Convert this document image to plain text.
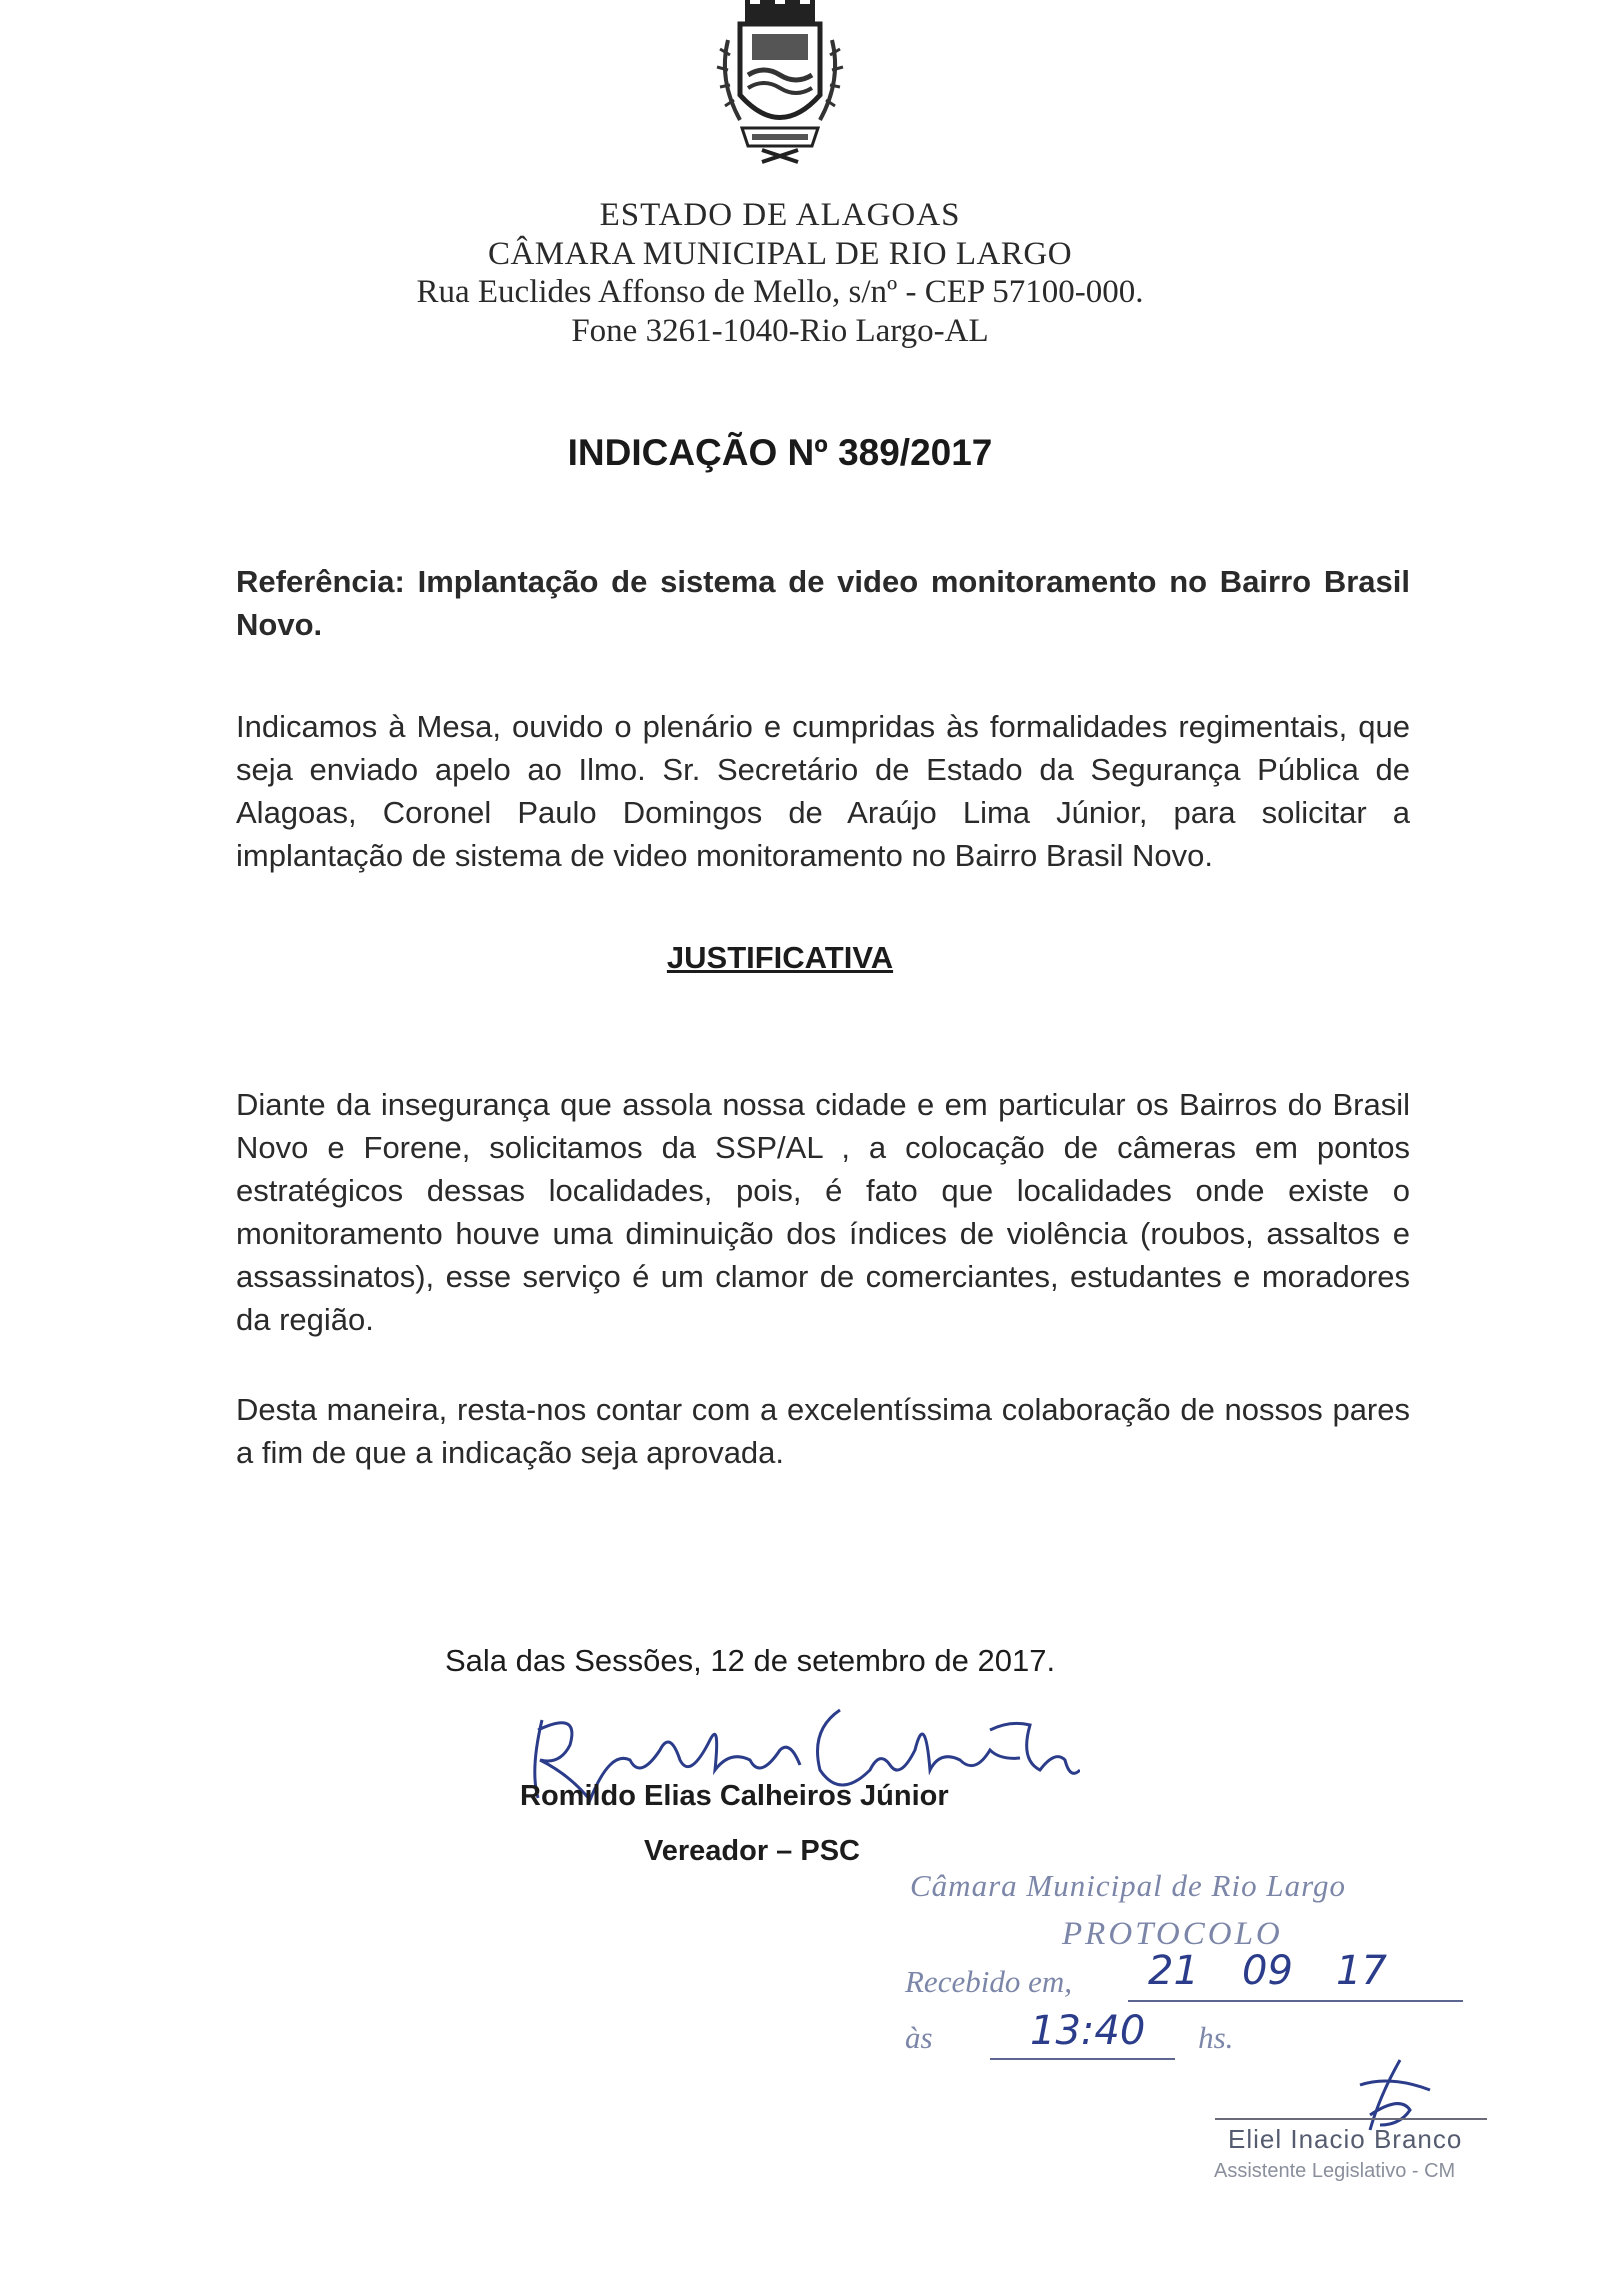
ESTADO DE ALAGOAS
CÂMARA MUNICIPAL DE RIO LARGO
Rua Euclides Affonso de Mello, s/nº - CEP 57100-000.
Fone 3261-1040-Rio Largo-AL
INDICAÇÃO Nº 389/2017
Referência: Implantação de sistema de video monitoramento no Bairro Brasil Novo.
Indicamos à Mesa, ouvido o plenário e cumpridas às formalidades regimentais, que seja enviado apelo ao Ilmo. Sr. Secretário de Estado da Segurança Pública de Alagoas, Coronel Paulo Domingos de Araújo Lima Júnior, para solicitar a implantação de sistema de video monitoramento no Bairro Brasil Novo.
JUSTIFICATIVA
Diante da insegurança que assola nossa cidade e em particular os Bairros do Brasil Novo e Forene, solicitamos da SSP/AL , a colocação de câmeras em pontos estratégicos dessas localidades, pois, é fato que localidades onde existe o monitoramento houve uma diminuição dos índices de violência (roubos, assaltos e assassinatos), esse serviço é um clamor de comerciantes, estudantes e moradores da região.
Desta maneira, resta-nos contar com a excelentíssima colaboração de nossos pares a fim de que a indicação seja aprovada.
Sala das Sessões, 12 de setembro de 2017.
Romildo Elias Calheiros Júnior
Vereador – PSC
Câmara Municipal de Rio Largo
PROTOCOLO
Recebido em, 21 09 17
às	hs.
13:40
Eliel Inacio Branco
Assistente Legislativo - CM
